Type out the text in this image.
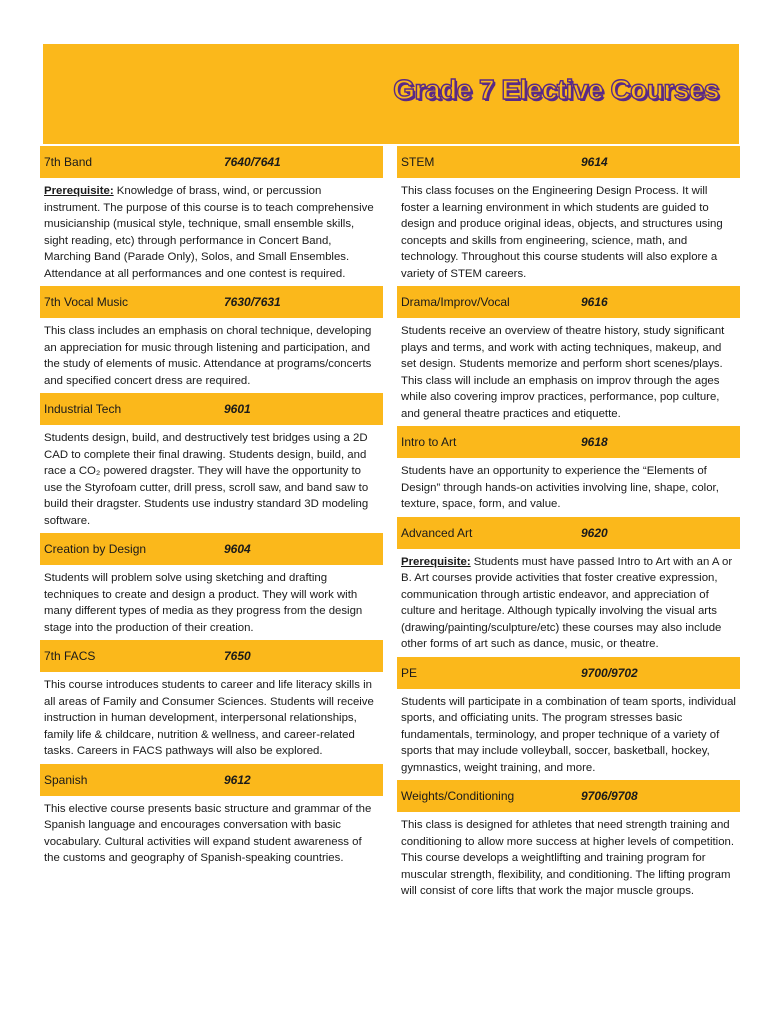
Grade 7 Elective Courses
7th Band	7640/7641

Prerequisite: Knowledge of brass, wind, or percussion instrument. The purpose of this course is to teach comprehensive musicianship (musical style, technique, small ensemble skills, sight reading, etc) through performance in Concert Band, Marching Band (Parade Only), Solos, and Small Ensembles. Attendance at all performances and one contest is required.

7th Vocal Music	7630/7631

This class includes an emphasis on choral technique, developing an appreciation for music through listening and participation, and the study of elements of music. Attendance at programs/concerts and specified concert dress are required.

Industrial Tech	9601

Students design, build, and destructively test bridges using a 2D CAD to complete their final drawing. Students design, build, and race a CO₂ powered dragster. They will have the opportunity to use the Styrofoam cutter, drill press, scroll saw, and band saw to build their dragster. Students use industry standard 3D modeling software.

Creation by Design	9604

Students will problem solve using sketching and drafting techniques to create and design a product. They will work with many different types of media as they progress from the design stage into the production of their creation.

7th FACS	7650

This course introduces students to career and life literacy skills in all areas of Family and Consumer Sciences. Students will receive instruction in human development, interpersonal relationships, family life & childcare, nutrition & wellness, and career-related tasks. Careers in FACS pathways will also be explored.

Spanish	9612

This elective course presents basic structure and grammar of the Spanish language and encourages conversation with basic vocabulary. Cultural activities will expand student awareness of the customs and geography of Spanish-speaking countries.

STEM	9614

This class focuses on the Engineering Design Process. It will foster a learning environment in which students are guided to design and produce original ideas, objects, and structures using concepts and skills from engineering, science, math, and technology. Throughout this course students will also explore a variety of STEM careers.

Drama/Improv/Vocal	9616

Students receive an overview of theatre history, study significant plays and terms, and work with acting techniques, makeup, and set design. Students memorize and perform short scenes/plays. This class will include an emphasis on improv through the ages while also covering improv practices, performance, pop culture, and general theatre practices and etiquette.

Intro to Art	9618

Students have an opportunity to experience the “Elements of Design” through hands-on activities involving line, shape, color, texture, space, form, and value.

Advanced Art	9620

Prerequisite: Students must have passed Intro to Art with an A or B. Art courses provide activities that foster creative expression, communication through artistic endeavor, and appreciation of culture and heritage. Although typically involving the visual arts (drawing/painting/sculpture/etc) these courses may also include other forms of art such as dance, music, or theatre.

PE	9700/9702

Students will participate in a combination of team sports, individual sports, and officiating units. The program stresses basic fundamentals, terminology, and proper technique of a variety of sports that may include volleyball, soccer, basketball, hockey, gymnastics, weight training, and more.

Weights/Conditioning	9706/9708

This class is designed for athletes that need strength training and conditioning to allow more success at higher levels of competition. This course develops a weightlifting and training program for muscular strength, flexibility, and conditioning. The lifting program will consist of core lifts that work the major muscle groups.
